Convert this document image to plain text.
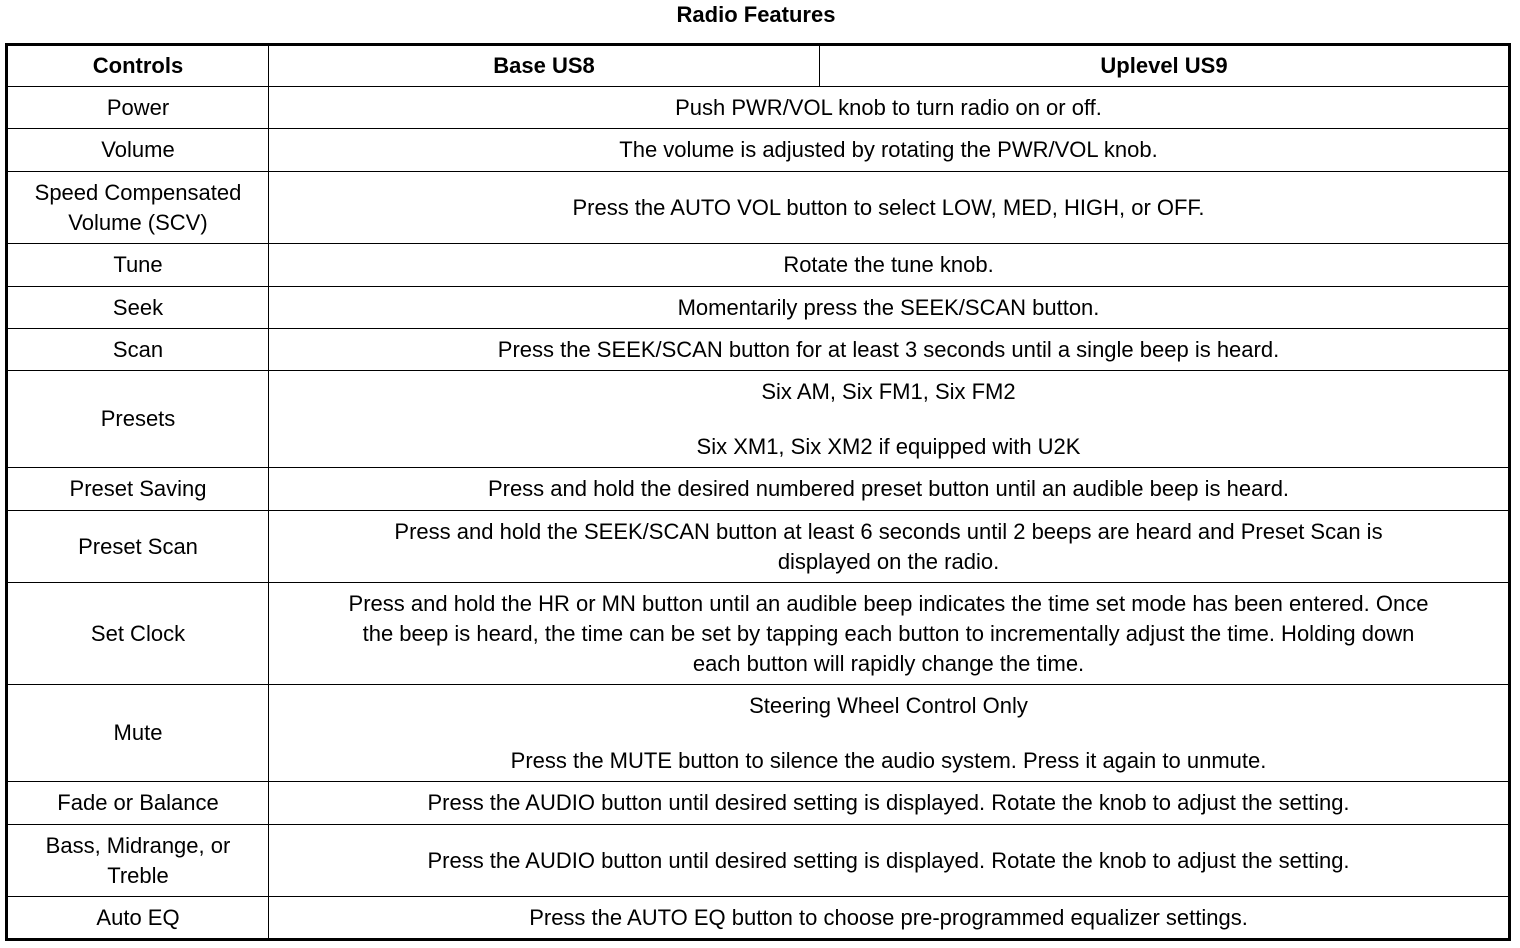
Radio Features
Controls	Base US8	Uplevel US9
Power	Push PWR/VOL knob to turn radio on or off.	
Volume	The volume is adjusted by rotating the PWR/VOL knob.	

Speed Compensated
Volume (SCV)	Press the AUTO VOL button to select LOW, MED, HIGH, or OFF.	
Tune	Rotate the tune knob.	
Seek	Momentarily press the SEEK/SCAN button.	
Scan	Press the SEEK/SCAN button for at least 3 seconds until a single beep is heard.	
Presets	Six AM, Six FM1, Six FM2
Six XM1, Six XM2 if equipped with U2K	

Preset Saving	Press and hold the desired numbered preset button until an audible beep is heard.	
Preset Scan	Press and hold the SEEK/SCAN button at least 6 seconds until 2 beeps are heard and Preset Scan is
displayed on the radio.	

Set Clock	Press and hold the HR or MN button until an audible beep indicates the time set mode has been entered. Once
the beep is heard, the time can be set by tapping each button to incrementally adjust the time. Holding down
each button will rapidly change the time.	

Mute	Steering Wheel Control Only
Press the MUTE button to silence the audio system. Press it again to unmute.	

Fade or Balance	Press the AUDIO button until desired setting is displayed. Rotate the knob to adjust the setting.	

Bass, Midrange, or
Treble	Press the AUDIO button until desired setting is displayed. Rotate the knob to adjust the setting.	
Auto EQ	Press the AUTO EQ button to choose pre-programmed equalizer settings.	
